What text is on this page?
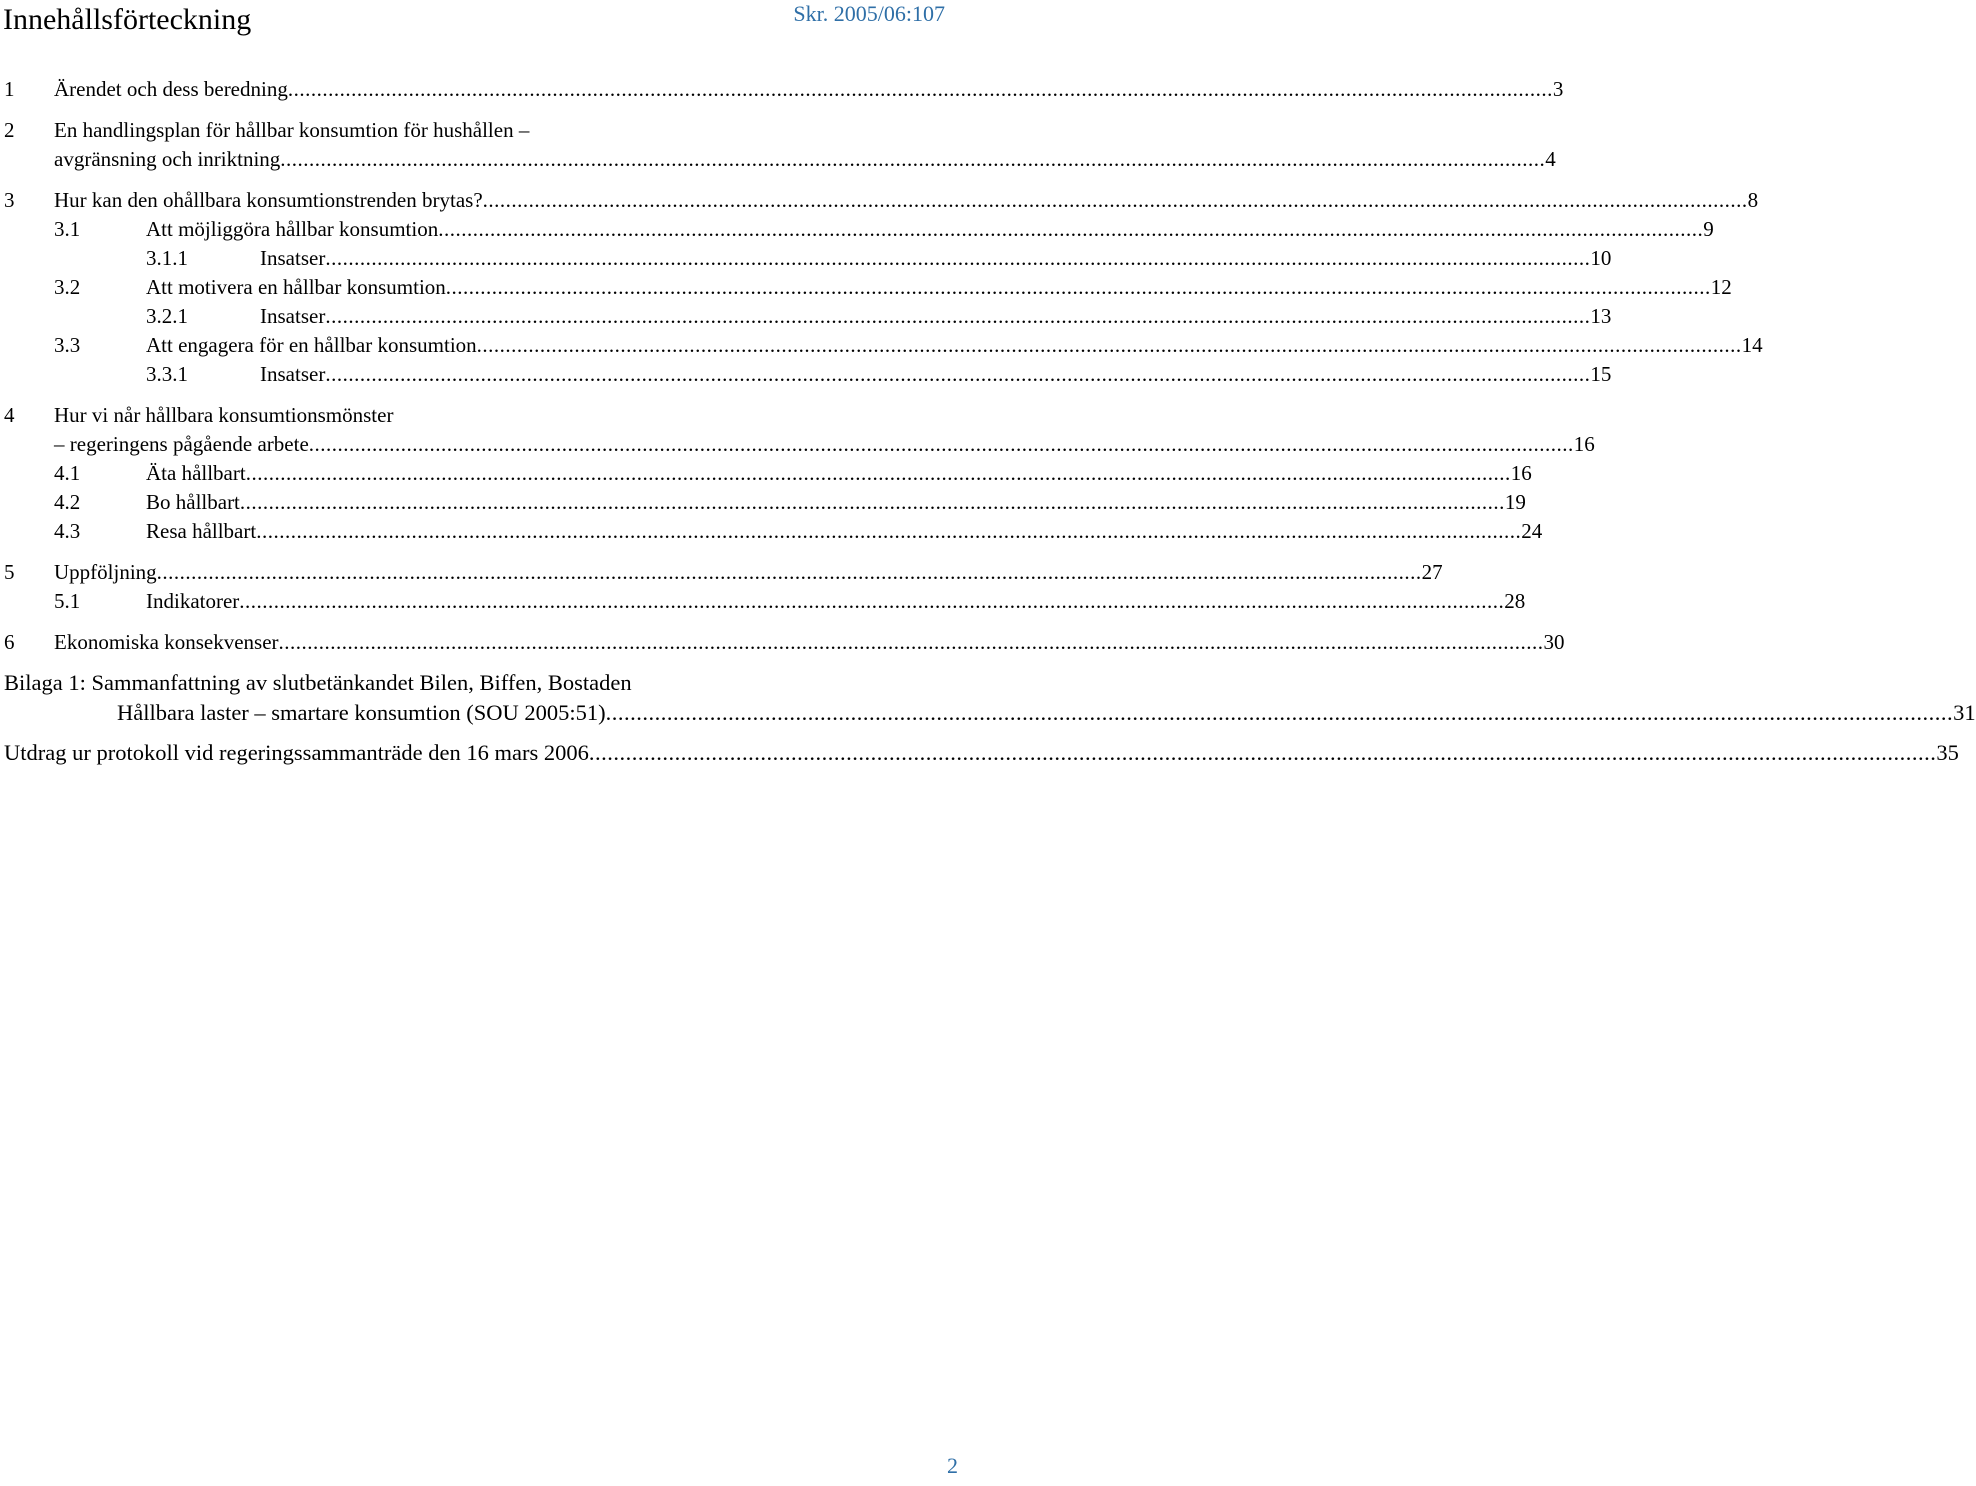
Innehållsförteckning	Skr. 2005/06:107
1	Ärendet och dess beredning .....	3
2 En handlingsplan för hållbar konsumtion för hushållen –
avgränsning och inriktning .....	4
3	Hur kan den ohållbara konsumtionstrenden brytas? .....	8
3.1	Att möjliggöra hållbar konsumtion .....	9
3.1.1	Insatser .....	10
3.2	Att motivera en hållbar konsumtion .....	12
3.2.1	Insatser .....	13
3.3	Att engagera för en hållbar konsumtion .....	14
3.3.1	Insatser .....	15
4 Hur vi når hållbara konsumtionsmönster
– regeringens pågående arbete .....	16
4.1	Äta hållbart .....	16
4.2	Bo hållbart .....	19
4.3	Resa hållbart .....	24
5	Uppföljning .....	27
5.1	Indikatorer .....	28
6	Ekonomiska konsekvenser .....	30
Bilaga 1: Sammanfattning av slutbetänkandet Bilen, Biffen, Bostaden
Hållbara laster – smartare konsumtion (SOU 2005:51) .....	31
Utdrag ur protokoll vid regeringssammanträde den 16 mars 2006 .....	35
2
